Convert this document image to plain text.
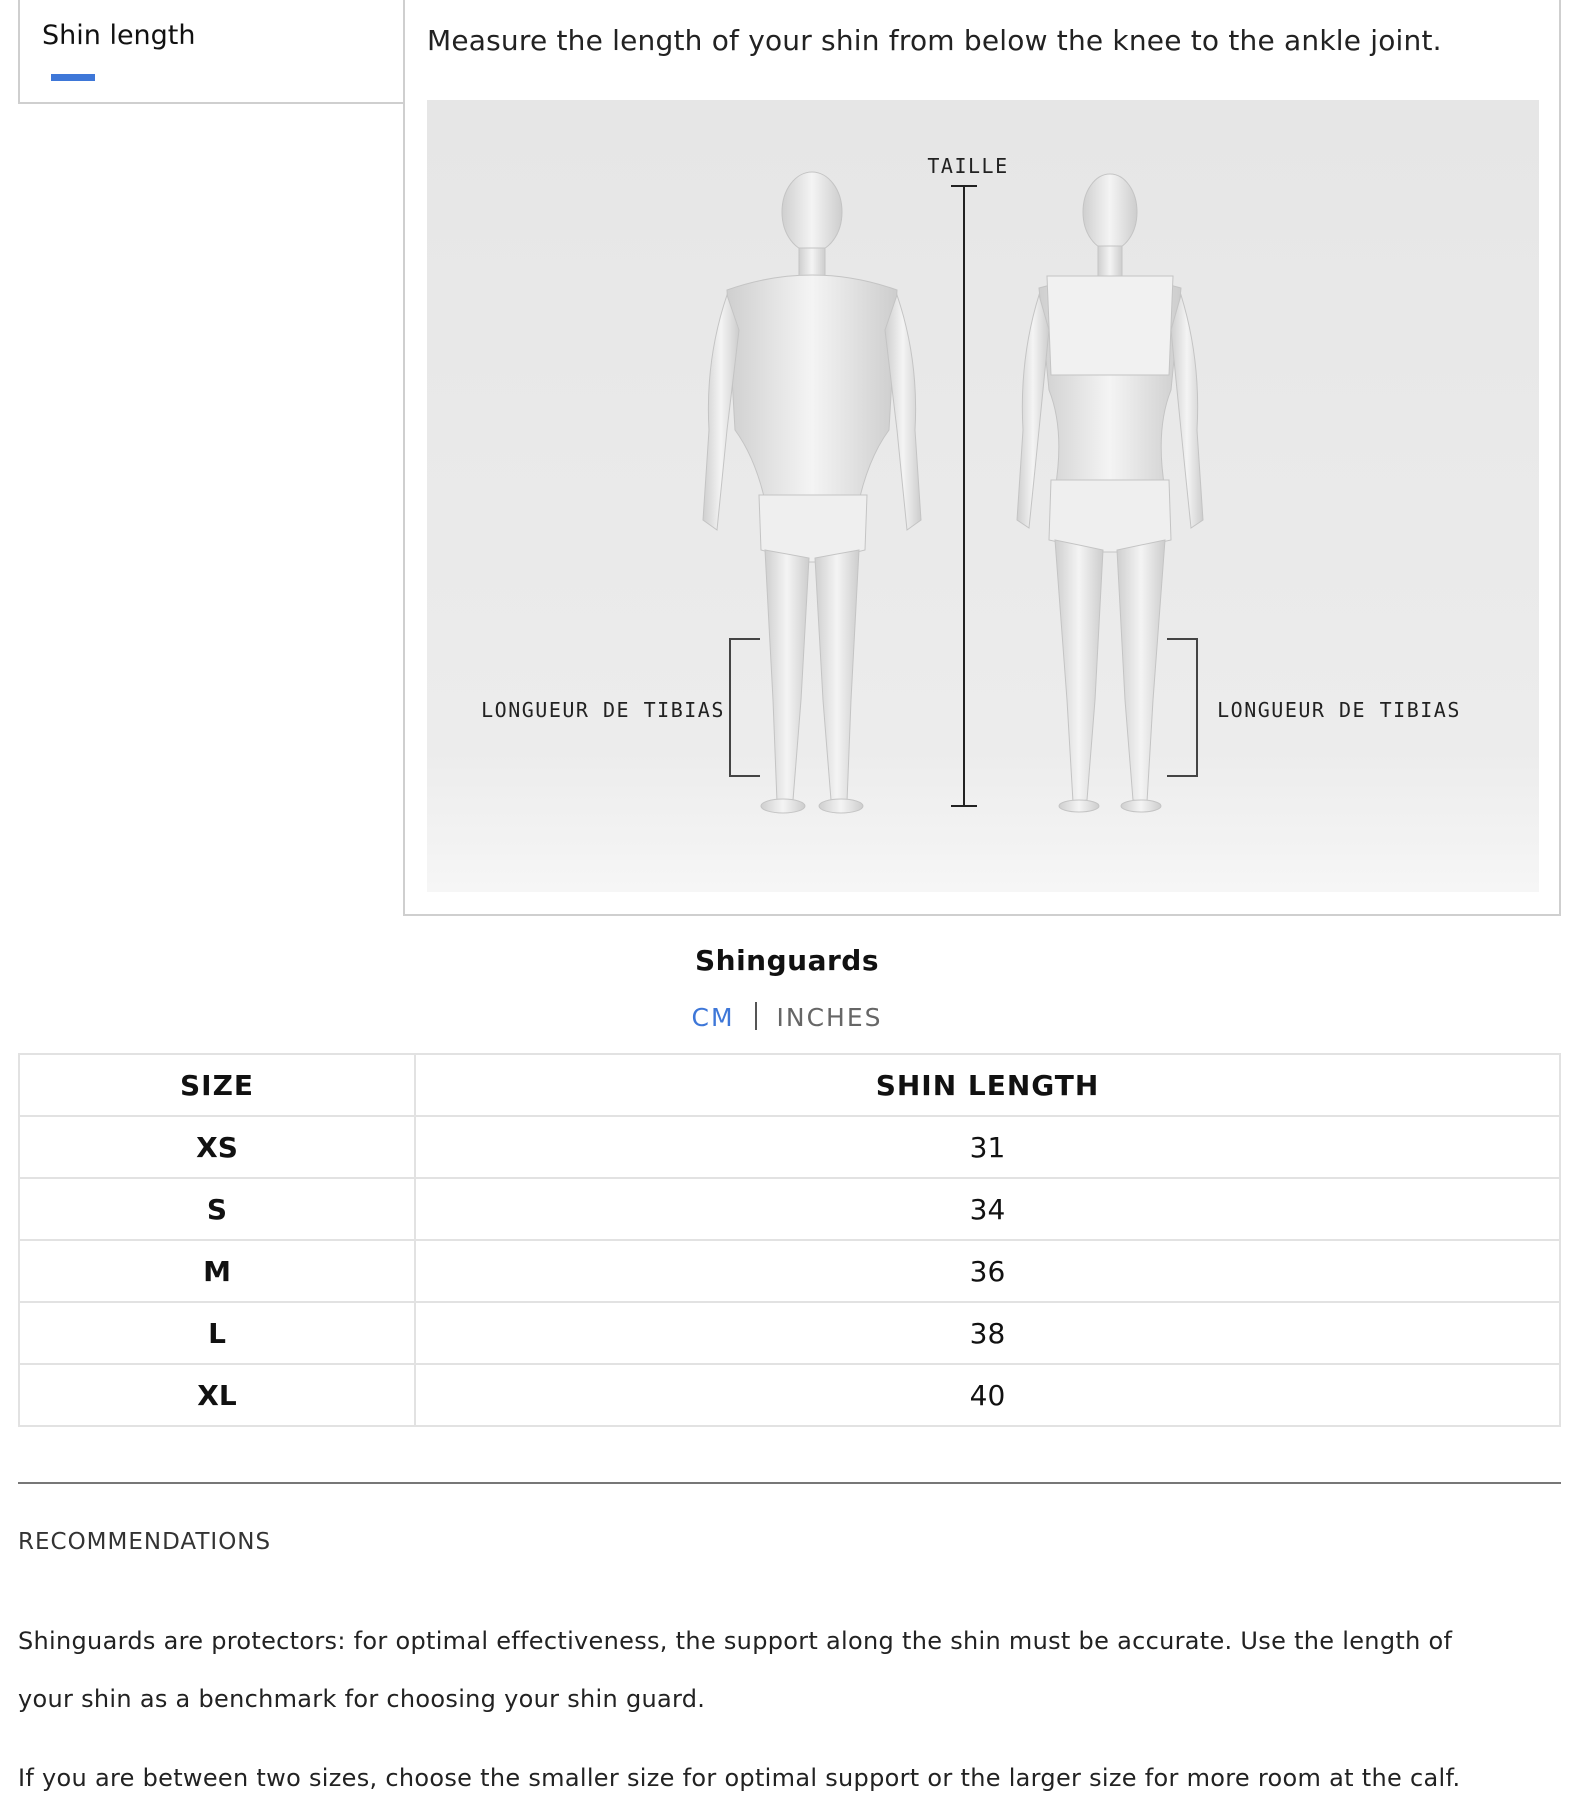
Shin length	Measure the length of your shin from below the knee to the ankle joint.
TAILLE
LONGUEUR DE TIBIAS	LONGUEUR DE TIBIAS
Shinguards
CM INCHES
SIZE	SHIN LENGTH
XS	31
S	34
M	36
L	38
XL	40
RECOMMENDATIONS
Shinguards are protectors: for optimal effectiveness, the support along the shin must be accurate. Use the length of your shin as a benchmark for choosing your shin guard.
If you are between two sizes, choose the smaller size for optimal support or the larger size for more room at the calf.
